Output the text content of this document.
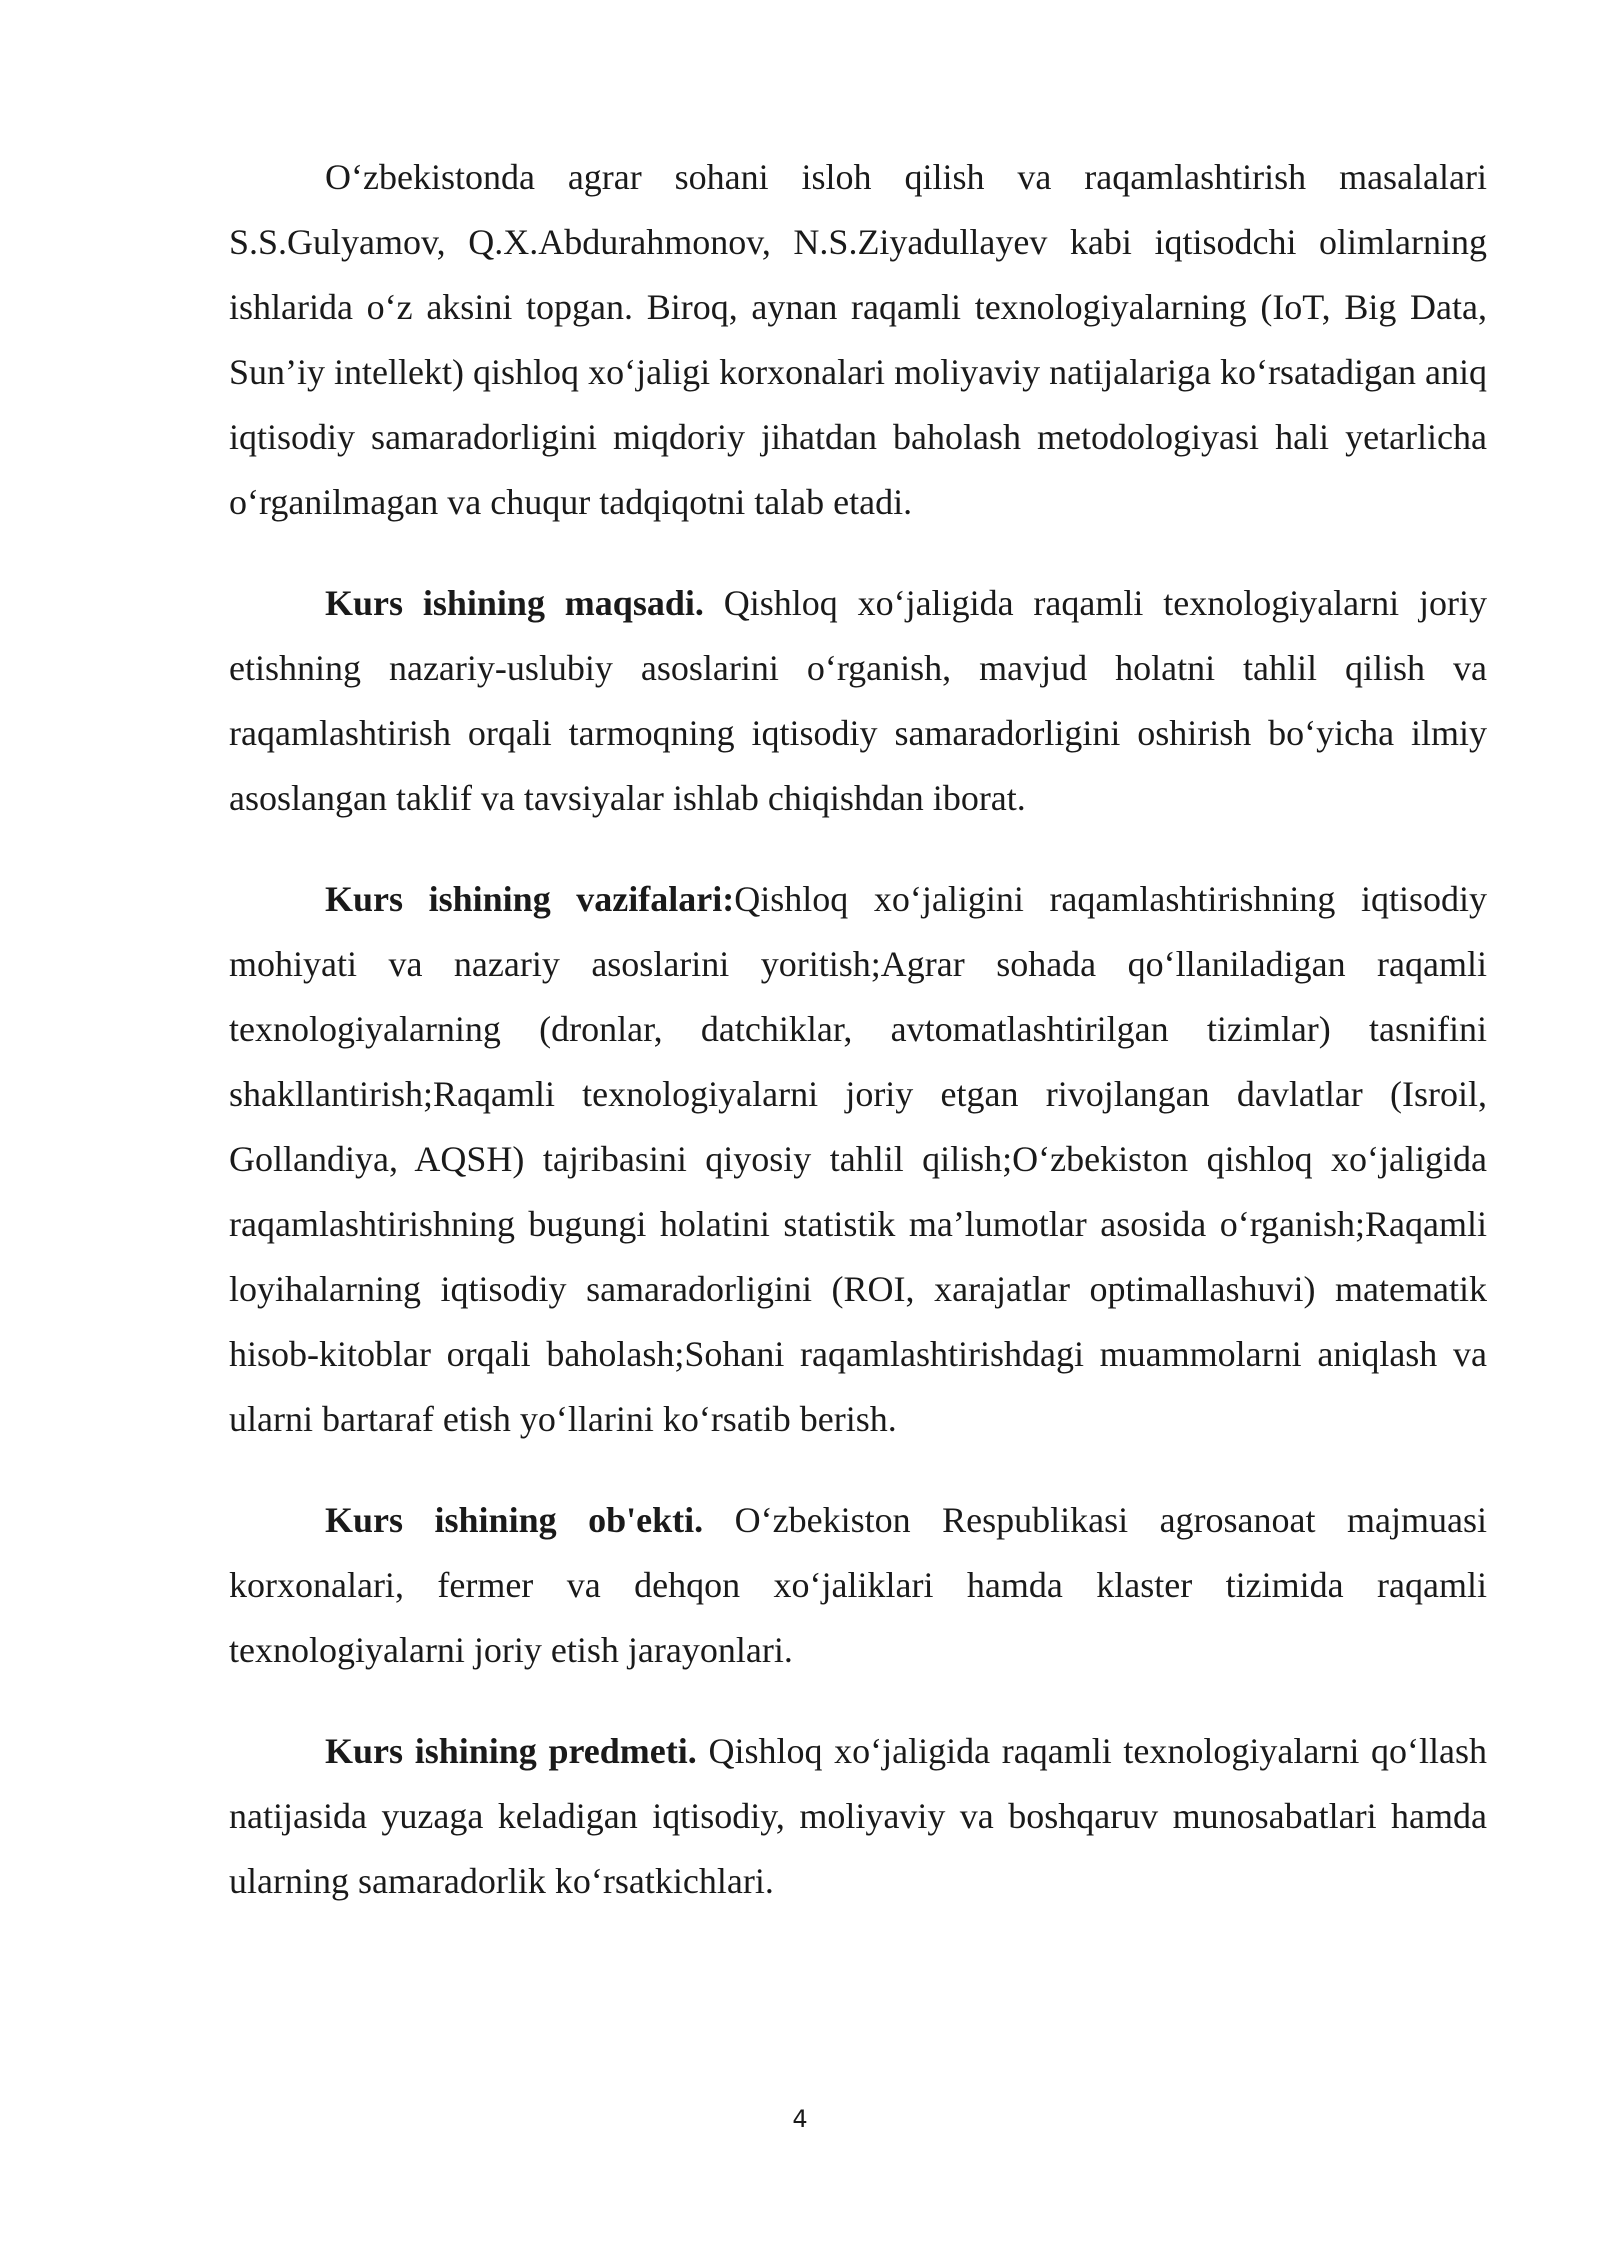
O‘zbekistonda agrar sohani isloh qilish va raqamlashtirish masalalari S.S.Gulyamov, Q.X.Abdurahmonov, N.S.Ziyadullayev kabi iqtisodchi olimlarning ishlarida o‘z aksini topgan. Biroq, aynan raqamli texnologiyalarning (IoT, Big Data, Sun’iy intellekt) qishloq xo‘jaligi korxonalari moliyaviy natijalariga ko‘rsatadigan aniq iqtisodiy samaradorligini miqdoriy jihatdan baholash metodologiyasi hali yetarlicha o‘rganilmagan va chuqur tadqiqotni talab etadi.

Kurs ishining maqsadi. Qishloq xo‘jaligida raqamli texnologiyalarni joriy etishning nazariy-uslubiy asoslarini o‘rganish, mavjud holatni tahlil qilish va raqamlashtirish orqali tarmoqning iqtisodiy samaradorligini oshirish bo‘yicha ilmiy asoslangan taklif va tavsiyalar ishlab chiqishdan iborat.

Kurs ishining vazifalari:Qishloq xo‘jaligini raqamlashtirishning iqtisodiy mohiyati va nazariy asoslarini yoritish;Agrar sohada qo‘llaniladigan raqamli texnologiyalarning (dronlar, datchiklar, avtomatlashtirilgan tizimlar) tasnifini shakllantirish;Raqamli texnologiyalarni joriy etgan rivojlangan davlatlar (Isroil, Gollandiya, AQSH) tajribasini qiyosiy tahlil qilish;O‘zbekiston qishloq xo‘jaligida raqamlashtirishning bugungi holatini statistik ma’lumotlar asosida o‘rganish;Raqamli loyihalarning iqtisodiy samaradorligini (ROI, xarajatlar optimallashuvi) matematik hisob-kitoblar orqali baholash;Sohani raqamlashtirishdagi muammolarni aniqlash va ularni bartaraf etish yo‘llarini ko‘rsatib berish.

Kurs ishining ob'ekti. O‘zbekiston Respublikasi agrosanoat majmuasi korxonalari, fermer va dehqon xo‘jaliklari hamda klaster tizimida raqamli texnologiyalarni joriy etish jarayonlari.

Kurs ishining predmeti. Qishloq xo‘jaligida raqamli texnologiyalarni qo‘llash natijasida yuzaga keladigan iqtisodiy, moliyaviy va boshqaruv munosabatlari hamda ularning samaradorlik ko‘rsatkichlari.

4
